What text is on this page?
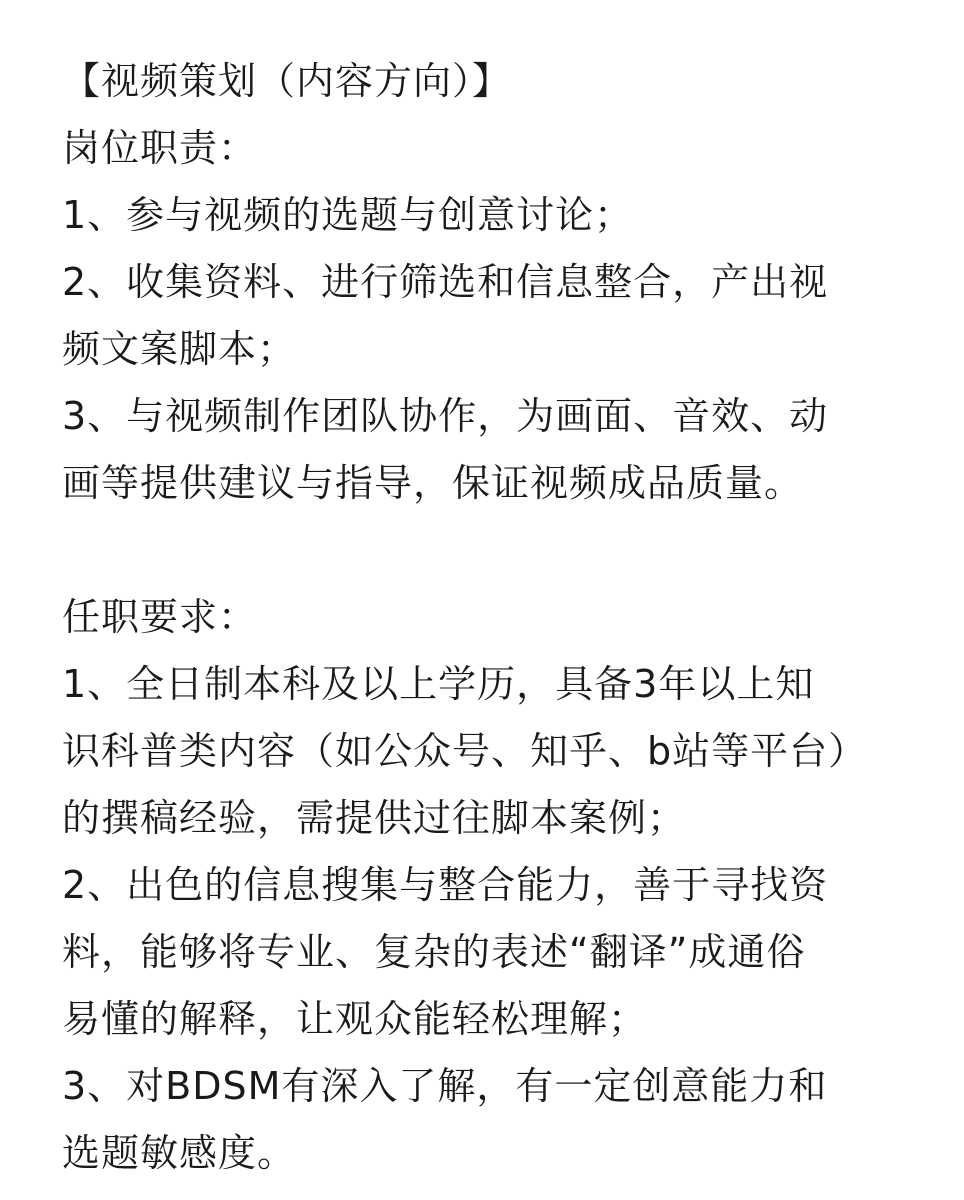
【视频策划（内容方向）】
岗位职责：
1、参与视频的选题与创意讨论；
2、收集资料、进行筛选和信息整合，产出视
频文案脚本；
3、与视频制作团队协作，为画面、音效、动
画等提供建议与指导，保证视频成品质量。
任职要求：
1、全日制本科及以上学历，具备3年以上知
识科普类内容（如公众号、知乎、b站等平台）
的撰稿经验，需提供过往脚本案例；
2、出色的信息搜集与整合能力，善于寻找资
料，能够将专业、复杂的表述“翻译”成通俗
易懂的解释，让观众能轻松理解；
3、对BDSM有深入了解，有一定创意能力和
选题敏感度。
